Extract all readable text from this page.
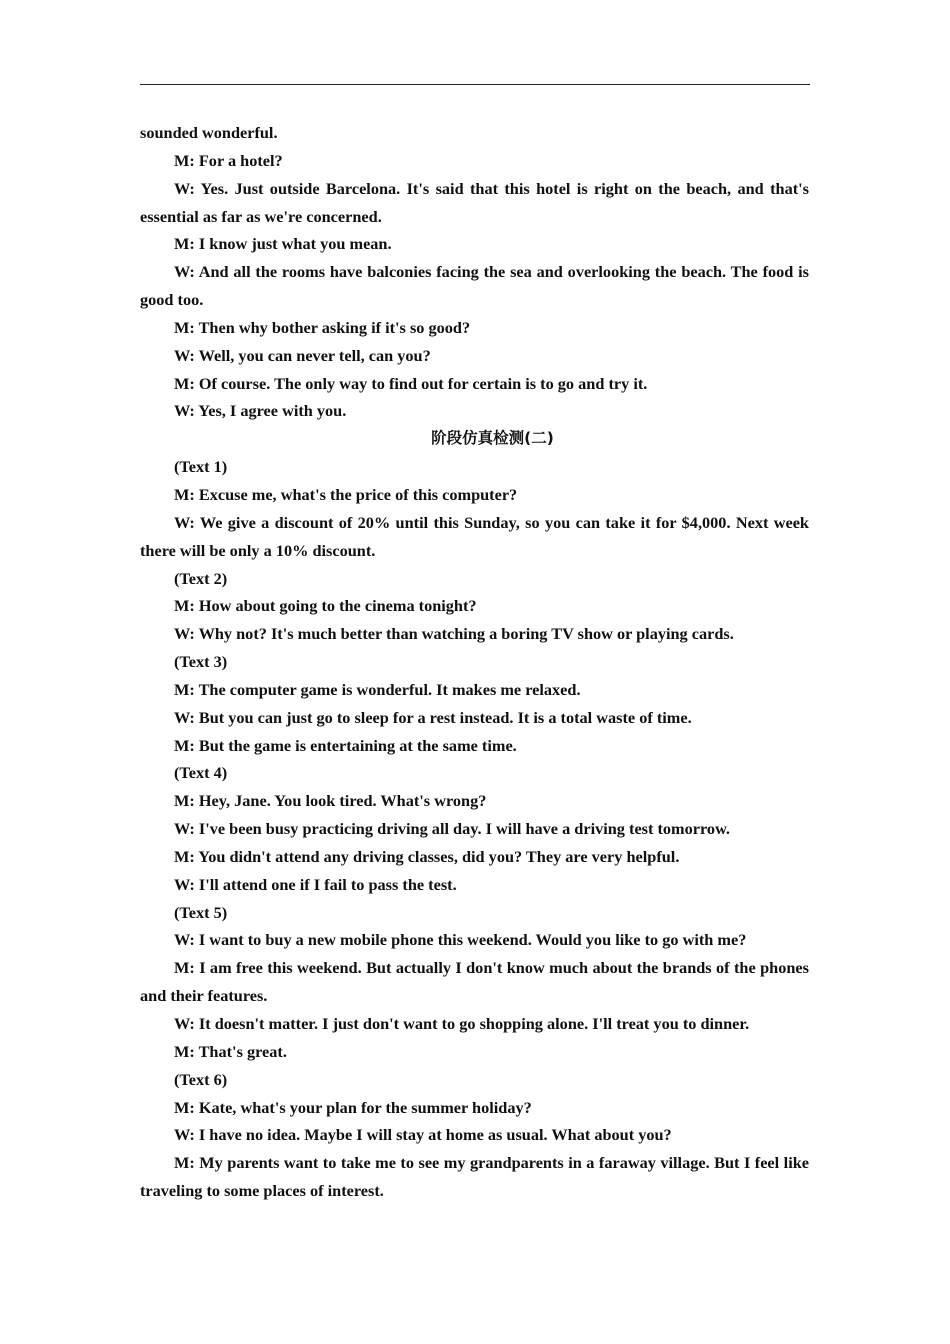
sounded wonderful.

M: For a hotel?

W: Yes. Just outside Barcelona. It's said that this hotel is right on the beach, and that's essential as far as we're concerned.

M: I know just what you mean.

W: And all the rooms have balconies facing the sea and overlooking the beach. The food is good too.

M: Then why bother asking if it's so good?

W: Well, you can never tell, can you?

M: Of course. The only way to find out for certain is to go and try it.

W: Yes, I agree with you.

阶段仿真检测(二)

(Text 1)

M: Excuse me, what's the price of this computer?

W: We give a discount of 20% until this Sunday, so you can take it for $4,000. Next week there will be only a 10% discount.

(Text 2)

M: How about going to the cinema tonight?

W: Why not? It's much better than watching a boring TV show or playing cards.

(Text 3)

M: The computer game is wonderful. It makes me relaxed.

W: But you can just go to sleep for a rest instead. It is a total waste of time.

M: But the game is entertaining at the same time.

(Text 4)

M: Hey, Jane. You look tired. What's wrong?

W: I've been busy practicing driving all day. I will have a driving test tomorrow.

M: You didn't attend any driving classes, did you? They are very helpful.

W: I'll attend one if I fail to pass the test.

(Text 5)

W: I want to buy a new mobile phone this weekend. Would you like to go with me?

M: I am free this weekend. But actually I don't know much about the brands of the phones and their features.

W: It doesn't matter. I just don't want to go shopping alone. I'll treat you to dinner.

M: That's great.

(Text 6)

M: Kate, what's your plan for the summer holiday?

W: I have no idea. Maybe I will stay at home as usual. What about you?

M: My parents want to take me to see my grandparents in a faraway village. But I feel like traveling to some places of interest.
